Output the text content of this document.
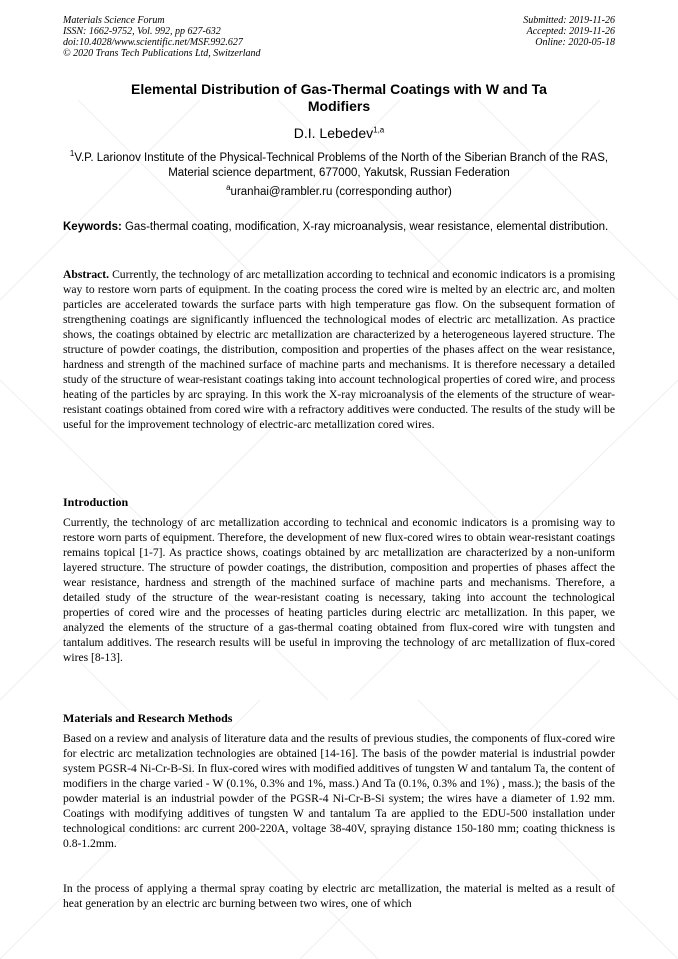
Materials Science Forum
ISSN: 1662-9752, Vol. 992, pp 627-632
doi:10.4028/www.scientific.net/MSF.992.627
© 2020 Trans Tech Publications Ltd, Switzerland
Submitted: 2019-11-26
Accepted: 2019-11-26
Online: 2020-05-18
Elemental Distribution of Gas-Thermal Coatings with W and Ta
Modifiers
D.I. Lebedev$^{1,a}$
$^1$V.P. Larionov Institute of the Physical-Technical Problems of the North of the Siberian Branch of the RAS, Material science department, 677000, Yakutsk, Russian Federation
$^a$uranhai@rambler.ru (corresponding author)
Keywords: Gas-thermal coating, modification, X-ray microanalysis, wear resistance, elemental distribution.

Abstract. Currently, the technology of arc metallization according to technical and economic indicators is a promising way to restore worn parts of equipment. In the coating process the cored wire is melted by an electric arc, and molten particles are accelerated towards the surface parts with high temperature gas flow. On the subsequent formation of strengthening coatings are significantly influenced the technological modes of electric arc metallization. As practice shows, the coatings obtained by electric arc metallization are characterized by a heterogeneous layered structure. The structure of powder coatings, the distribution, composition and properties of the phases affect on the wear resistance, hardness and strength of the machined surface of machine parts and mechanisms. It is therefore necessary a detailed study of the structure of wear-resistant coatings taking into account technological properties of cored wire, and process heating of the particles by arc spraying. In this work the X-ray microanalysis of the elements of the structure of wear-resistant coatings obtained from cored wire with a refractory additives were conducted. The results of the study will be useful for the improvement technology of electric-arc metallization cored wires.

Introduction

Currently, the technology of arc metallization according to technical and economic indicators is a promising way to restore worn parts of equipment. Therefore, the development of new flux-cored wires to obtain wear-resistant coatings remains topical [1-7]. As practice shows, coatings obtained by arc metallization are characterized by a non-uniform layered structure. The structure of powder coatings, the distribution, composition and properties of phases affect the wear resistance, hardness and strength of the machined surface of machine parts and mechanisms. Therefore, a detailed study of the structure of the wear-resistant coating is necessary, taking into account the technological properties of cored wire and the processes of heating particles during electric arc metallization. In this paper, we analyzed the elements of the structure of a gas-thermal coating obtained from flux-cored wire with tungsten and tantalum additives. The research results will be useful in improving the technology of arc metallization of flux-cored wires [8-13].

Materials and Research Methods

Based on a review and analysis of literature data and the results of previous studies, the components of flux-cored wire for electric arc metalization technologies are obtained [14-16]. The basis of the powder material is industrial powder system PGSR-4 Ni-Cr-B-Si. In flux-cored wires with modified additives of tungsten W and tantalum Ta, the content of modifiers in the charge varied - W (0.1%, 0.3% and 1%, mass.) And Ta (0.1%, 0.3% and 1%) , mass.); the basis of the powder material is an industrial powder of the PGSR-4 Ni-Cr-B-Si system; the wires have a diameter of 1.92 mm. Coatings with modifying additives of tungsten W and tantalum Ta are applied to the EDU-500 installation under technological conditions: arc current 200-220A, voltage 38-40V, spraying distance 150-180 mm; coating thickness is 0.8-1.2mm.

In the process of applying a thermal spray coating by electric arc metallization, the material is melted as a result of heat generation by an electric arc burning between two wires, one of which
